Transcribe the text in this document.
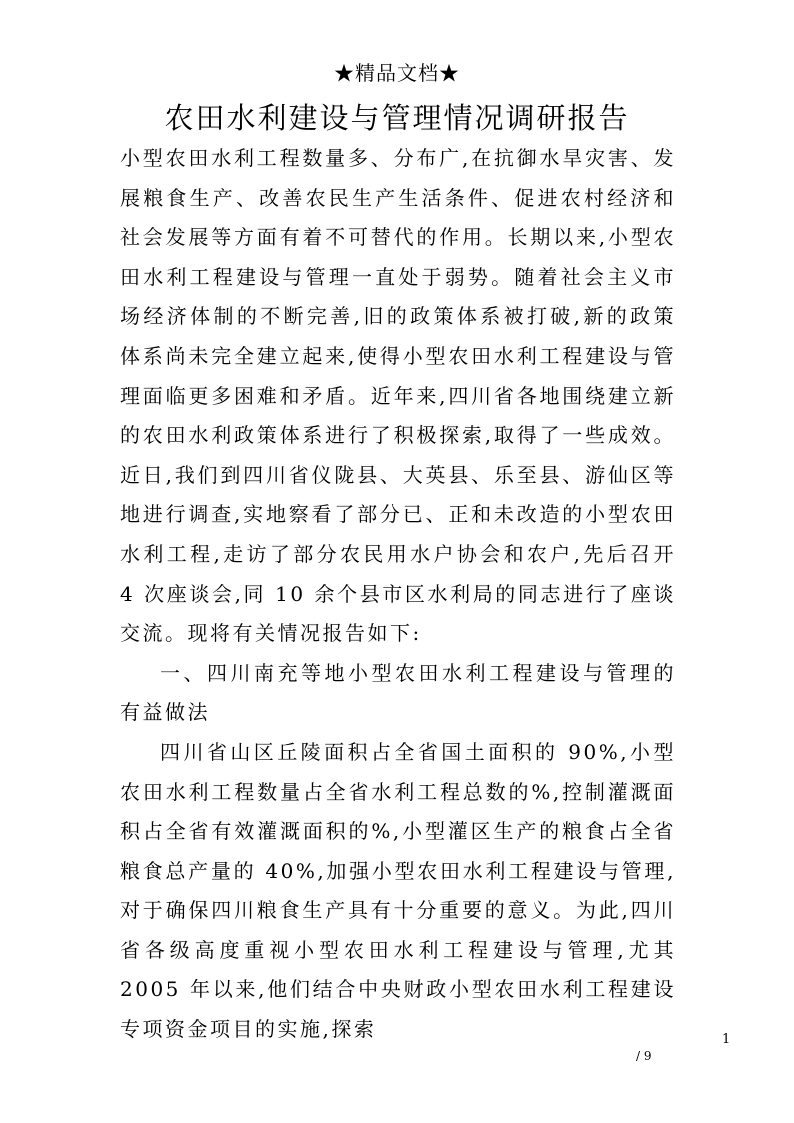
★精品文档★
农田水利建设与管理情况调研报告

小型农田水利工程数量多、分布广,在抗御水旱灾害、发展粮食生产、改善农民生产生活条件、促进农村经济和社会发展等方面有着不可替代的作用。长期以来,小型农田水利工程建设与管理一直处于弱势。随着社会主义市场经济体制的不断完善,旧的政策体系被打破,新的政策体系尚未完全建立起来,使得小型农田水利工程建设与管理面临更多困难和矛盾。近年来,四川省各地围绕建立新的农田水利政策体系进行了积极探索,取得了一些成效。近日,我们到四川省仪陇县、大英县、乐至县、游仙区等地进行调查,实地察看了部分已、正和未改造的小型农田水利工程,走访了部分农民用水户协会和农户,先后召开 4 次座谈会,同 10 余个县市区水利局的同志进行了座谈交流。现将有关情况报告如下:

一、四川南充等地小型农田水利工程建设与管理的有益做法

四川省山区丘陵面积占全省国土面积的 90%,小型农田水利工程数量占全省水利工程总数的%,控制灌溉面积占全省有效灌溉面积的%,小型灌区生产的粮食占全省粮食总产量的 40%,加强小型农田水利工程建设与管理,对于确保四川粮食生产具有十分重要的意义。为此,四川省各级高度重视小型农田水利工程建设与管理,尤其 2005 年以来,他们结合中央财政小型农田水利工程建设专项资金项目的实施,探索	1
/ 9
